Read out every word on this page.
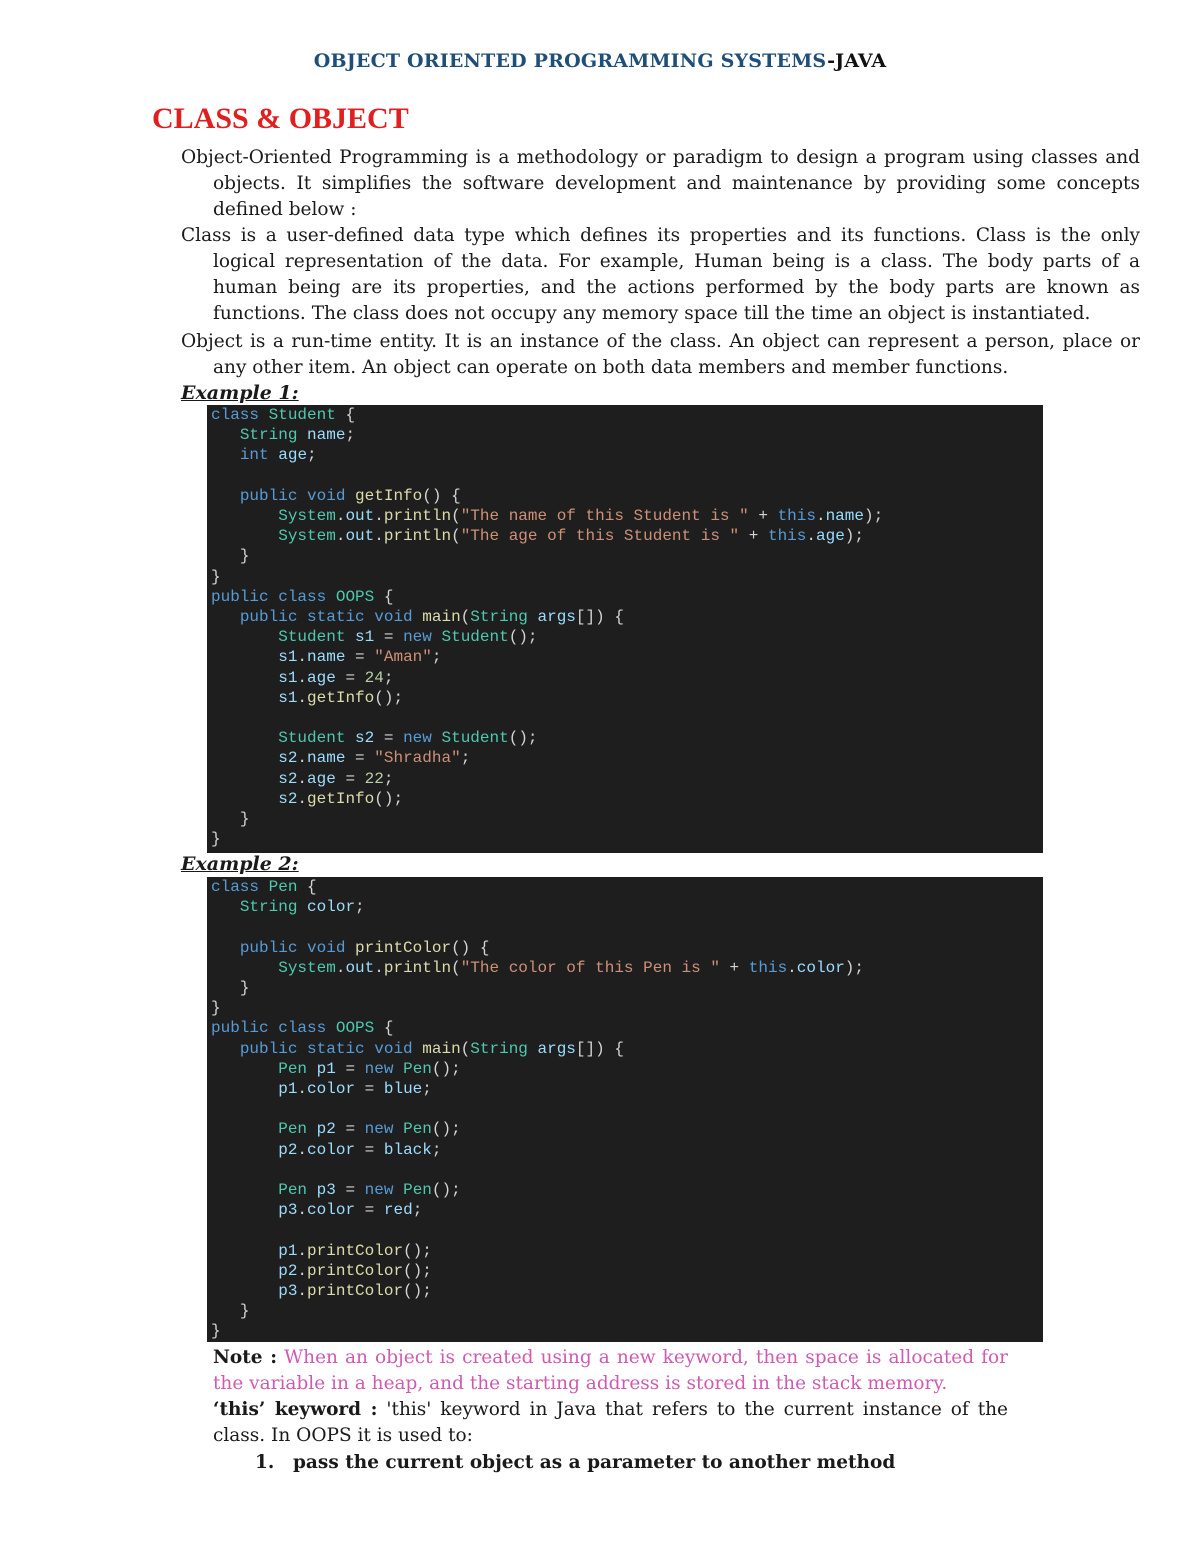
OBJECT ORIENTED PROGRAMMING SYSTEMS-JAVA
CLASS & OBJECT

Object-Oriented Programming is a methodology or paradigm to design a program using classes and objects. It simplifies the software development and maintenance by providing some concepts defined below :

Class is a user-defined data type which defines its properties and its functions. Class is the only logical representation of the data. For example, Human being is a class. The body parts of a human being are its properties, and the actions performed by the body parts are known as functions. The class does not occupy any memory space till the time an object is instantiated.

Object is a run-time entity. It is an instance of the class. An object can represent a person, place or any other item. An object can operate on both data members and member functions.

Example 1:
class Student {
String name;
int age;

public void getInfo() {
System.out.println("The name of this Student is " + this.name);
System.out.println("The age of this Student is " + this.age);
}
}
public class OOPS {
public static void main(String args[]) {
Student s1 = new Student();
s1.name = "Aman";
s1.age = 24;
s1.getInfo();

Student s2 = new Student();
s2.name = "Shradha";
s2.age = 22;
s2.getInfo();
}
}
Example 2:
class Pen {
String color;

public void printColor() {
System.out.println("The color of this Pen is " + this.color);
}
}
public class OOPS {
public static void main(String args[]) {
Pen p1 = new Pen();
p1.color = blue;

Pen p2 = new Pen();
p2.color = black;

Pen p3 = new Pen();
p3.color = red;

p1.printColor();
p2.printColor();
p3.printColor();
}
}

Note : When an object is created using a new keyword, then space is allocated for the variable in a heap, and the starting address is stored in the stack memory.

‘this’ keyword : 'this' keyword in Java that refers to the current instance of the class. In OOPS it is used to:

1. pass the current object as a parameter to another method
